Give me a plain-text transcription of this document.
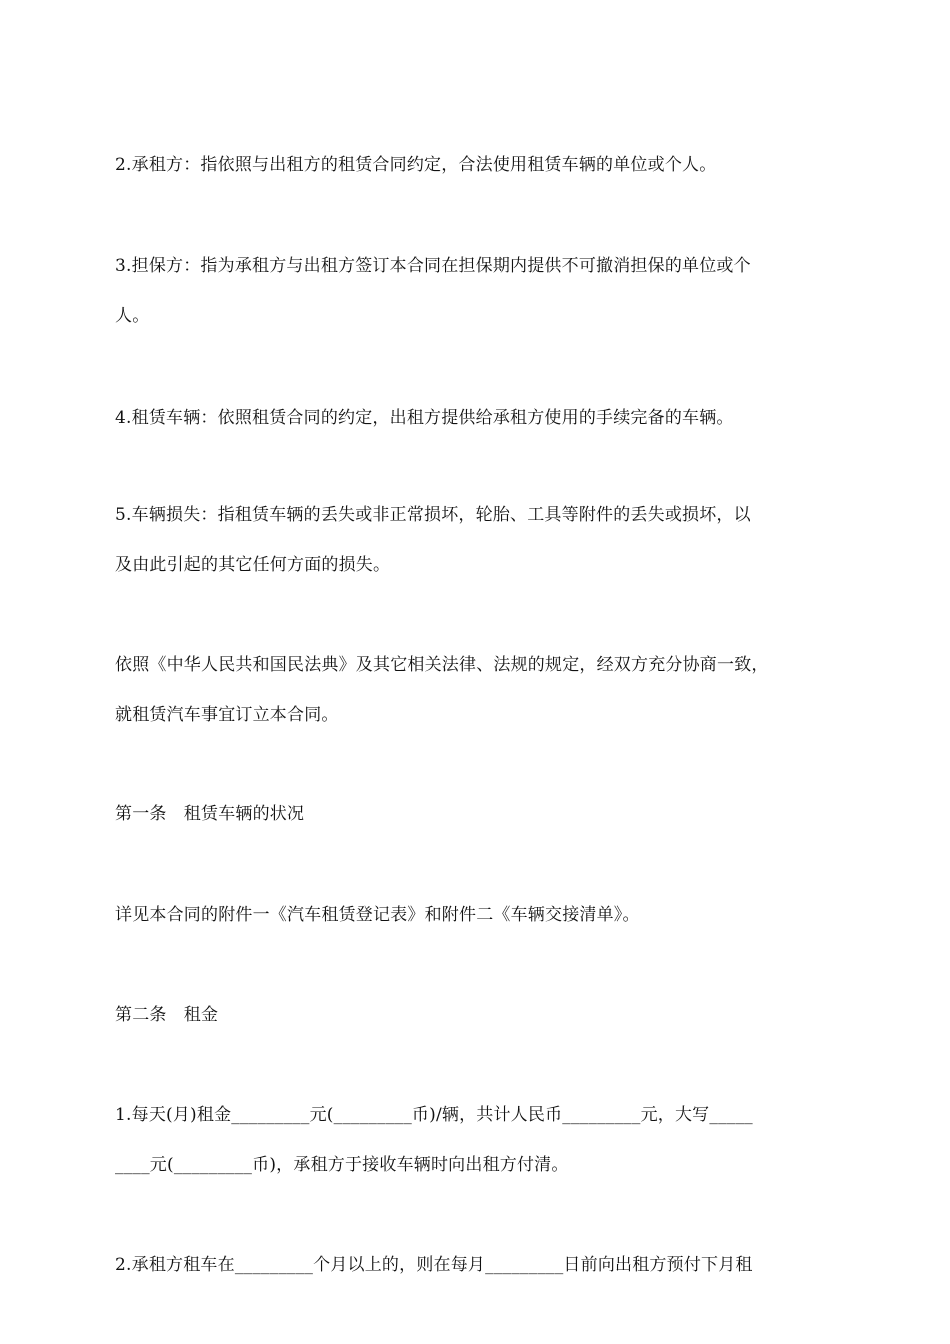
2.承租方：指依照与出租方的租赁合同约定，合法使用租赁车辆的单位或个人。
3.担保方：指为承租方与出租方签订本合同在担保期内提供不可撤消担保的单位或个
人。
4.租赁车辆：依照租赁合同的约定，出租方提供给承租方使用的手续完备的车辆。
5.车辆损失：指租赁车辆的丢失或非正常损坏，轮胎、工具等附件的丢失或损坏，以
及由此引起的其它任何方面的损失。
依照《中华人民共和国民法典》及其它相关法律、法规的规定，经双方充分协商一致，
就租赁汽车事宜订立本合同。
第一条　租赁车辆的状况
详见本合同的附件一《汽车租赁登记表》和附件二《车辆交接清单》。
第二条　租金
1.每天(月)租金_________元(_________币)/辆，共计人民币_________元，大写_____
____元(_________币)，承租方于接收车辆时向出租方付清。
2.承租方租车在_________个月以上的，则在每月_________日前向出租方预付下月租
